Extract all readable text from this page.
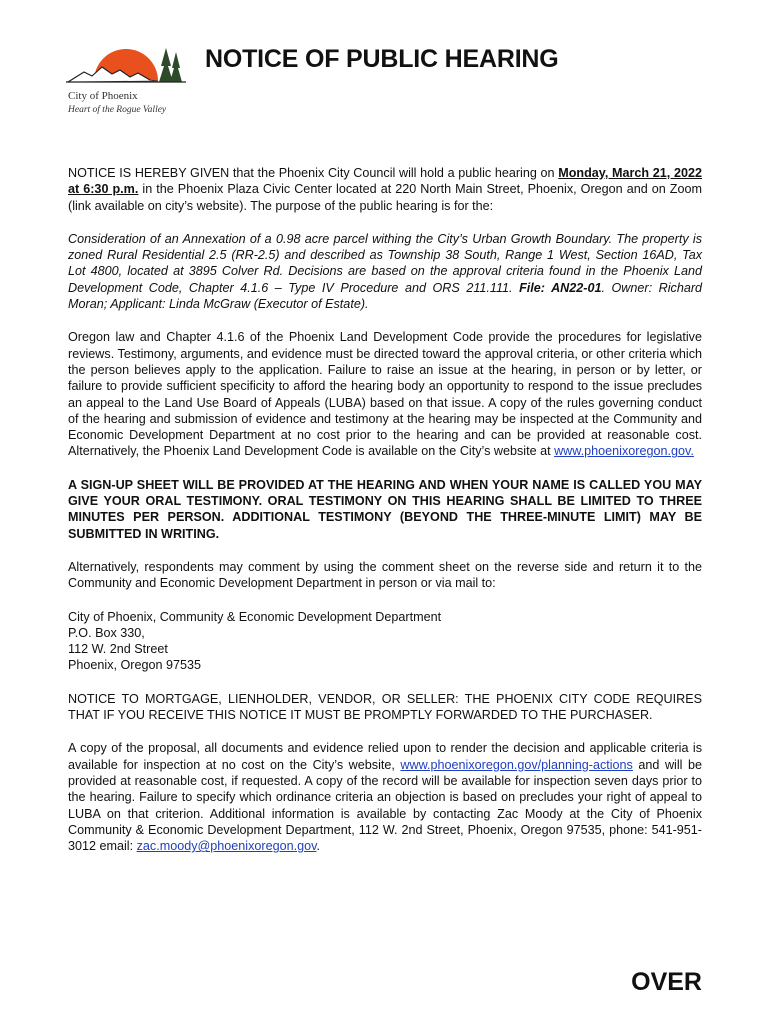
City of Phoenix
Heart of the Rogue Valley
NOTICE OF PUBLIC HEARING

NOTICE IS HEREBY GIVEN that the Phoenix City Council will hold a public hearing on Monday, March 21, 2022 at 6:30 p.m. in the Phoenix Plaza Civic Center located at 220 North Main Street, Phoenix, Oregon and on Zoom (link available on city’s website). The purpose of the public hearing is for the:

Consideration of an Annexation of a 0.98 acre parcel withing the City’s Urban Growth Boundary. The property is zoned Rural Residential 2.5 (RR-2.5) and described as Township 38 South, Range 1 West, Section 16AD, Tax Lot 4800, located at 3895 Colver Rd. Decisions are based on the approval criteria found in the Phoenix Land Development Code, Chapter 4.1.6 – Type IV Procedure and ORS 211.111. File: AN22-01. Owner: Richard Moran; Applicant: Linda McGraw (Executor of Estate).

Oregon law and Chapter 4.1.6 of the Phoenix Land Development Code provide the procedures for legislative reviews. Testimony, arguments, and evidence must be directed toward the approval criteria, or other criteria which the person believes apply to the application. Failure to raise an issue at the hearing, in person or by letter, or failure to provide sufficient specificity to afford the hearing body an opportunity to respond to the issue precludes an appeal to the Land Use Board of Appeals (LUBA) based on that issue. A copy of the rules governing conduct of the hearing and submission of evidence and testimony at the hearing may be inspected at the Community and Economic Development Department at no cost prior to the hearing and can be provided at reasonable cost. Alternatively, the Phoenix Land Development Code is available on the City’s website at www.phoenixoregon.gov.

A SIGN-UP SHEET WILL BE PROVIDED AT THE HEARING AND WHEN YOUR NAME IS CALLED YOU MAY GIVE YOUR ORAL TESTIMONY. ORAL TESTIMONY ON THIS HEARING SHALL BE LIMITED TO THREE MINUTES PER PERSON. ADDITIONAL TESTIMONY (BEYOND THE THREE-MINUTE LIMIT) MAY BE SUBMITTED IN WRITING.

Alternatively, respondents may comment by using the comment sheet on the reverse side and return it to the Community and Economic Development Department in person or via mail to:

City of Phoenix, Community & Economic Development Department
P.O. Box 330,
112 W. 2nd Street
Phoenix, Oregon 97535

NOTICE TO MORTGAGE, LIENHOLDER, VENDOR, OR SELLER: THE PHOENIX CITY CODE REQUIRES THAT IF YOU RECEIVE THIS NOTICE IT MUST BE PROMPTLY FORWARDED TO THE PURCHASER.

A copy of the proposal, all documents and evidence relied upon to render the decision and applicable criteria is available for inspection at no cost on the City’s website, www.phoenixoregon.gov/planning-actions and will be provided at reasonable cost, if requested. A copy of the record will be available for inspection seven days prior to the hearing. Failure to specify which ordinance criteria an objection is based on precludes your right of appeal to LUBA on that criterion. Additional information is available by contacting Zac Moody at the City of Phoenix Community & Economic Development Department, 112 W. 2nd Street, Phoenix, Oregon 97535, phone: 541-951-3012 email: zac.moody@phoenixoregon.gov.

OVER
